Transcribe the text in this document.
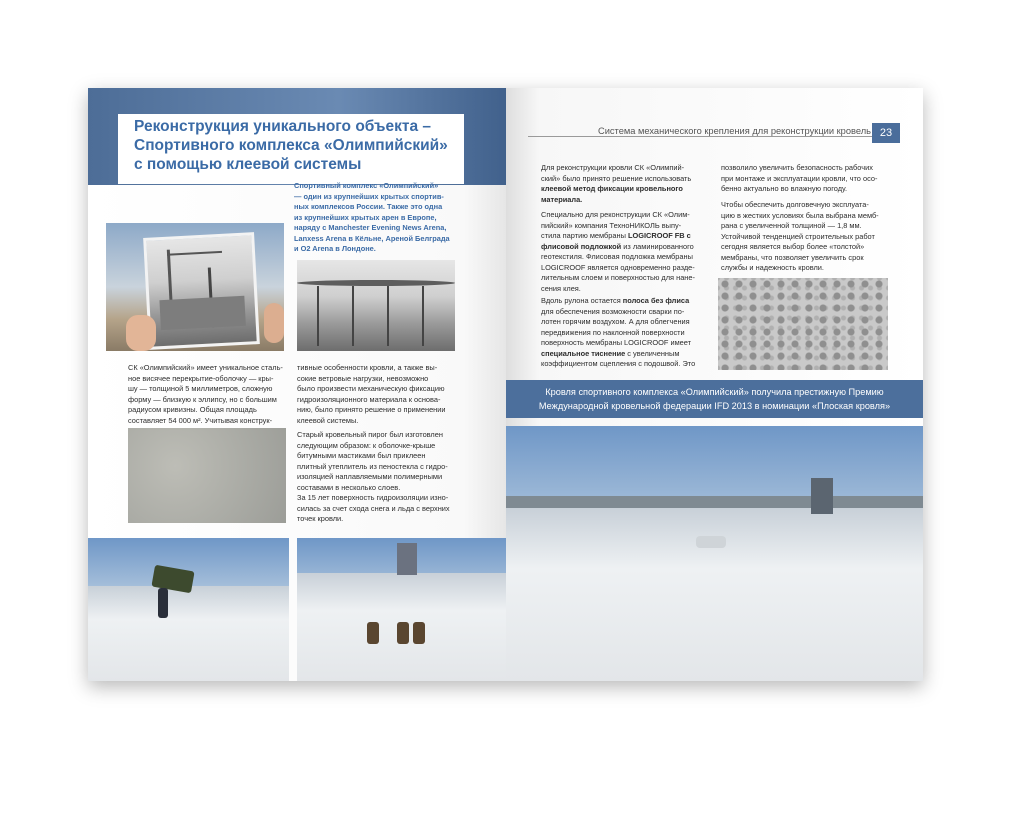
Реконструкция уникального объекта –
Спортивного комплекса «Олимпийский»
с помощью клеевой системы

Спортивный комплекс «Олимпийский»
— один из крупнейших крытых спортив-
ных комплексов России. Также это одна
из крупнейших крытых арен в Европе,
наряду с Manchester Evening News Arena,
Lanxess Arena в Кёльне, Ареной Белграда
и O2 Arena в Лондоне.

СК «Олимпийский» имеет уникальное сталь-
ное висячее перекрытие-оболочку — кры-
шу — толщиной 5 миллиметров, сложную
форму — близкую к эллипсу, но с большим
радиусом кривизны. Общая площадь
составляет 54 000 м². Учитывая конструк-

тивные особенности кровли, а также вы-
сокие ветровые нагрузки, невозможно
было произвести механическую фиксацию
гидроизоляционного материала к основа-
нию, было принято решение о применении
клеевой системы.

Старый кровельный пирог был изготовлен
следующим образом: к оболочке-крыше
битумными мастиками был приклеен
плитный утеплитель из пеностекла с гидро-
изоляцией наплавляемыми полимерными
составами в несколько слоев.

За 15 лет поверхность гидроизоляции изно-
силась за счет схода снега и льда с верхних
точек кровли.

Система механического крепления для реконструкции кровель 23

Для реконструкции кровли СК «Олимпий-
ский» было принято решение использовать
клеевой метод фиксации кровельного
материала.

Специально для реконструкции СК «Олим-
пийский» компания ТехноНИКОЛЬ выпу-
стила партию мембраны LOGICROOF FB с
флисовой подложкой из ламинированного
геотекстиля. Флисовая подложка мембраны
LOGICROOF является одновременно разде-
лительным слоем и поверхностью для нане-
сения клея.

Вдоль рулона остается полоса без флиса
для обеспечения возможности сварки по-
лотен горячим воздухом. А для облегчения
передвижения по наклонной поверхности
поверхность мембраны LOGICROOF имеет
специальное тиснение с увеличенным
коэффициентом сцепления с подошвой. Это

позволило увеличить безопасность рабочих
при монтаже и эксплуатации кровли, что осо-
бенно актуально во влажную погоду.

Чтобы обеспечить долговечную эксплуата-
цию в жестких условиях была выбрана мемб-
рана с увеличенной толщиной — 1,8 мм.
Устойчивой тенденцией строительных работ
сегодня является выбор более «толстой»
мембраны, что позволяет увеличить срок
службы и надежность кровли.

Кровля спортивного комплекса «Олимпийский» получила престижную Премию
Международной кровельной федерации IFD 2013 в номинации «Плоская кровля»
